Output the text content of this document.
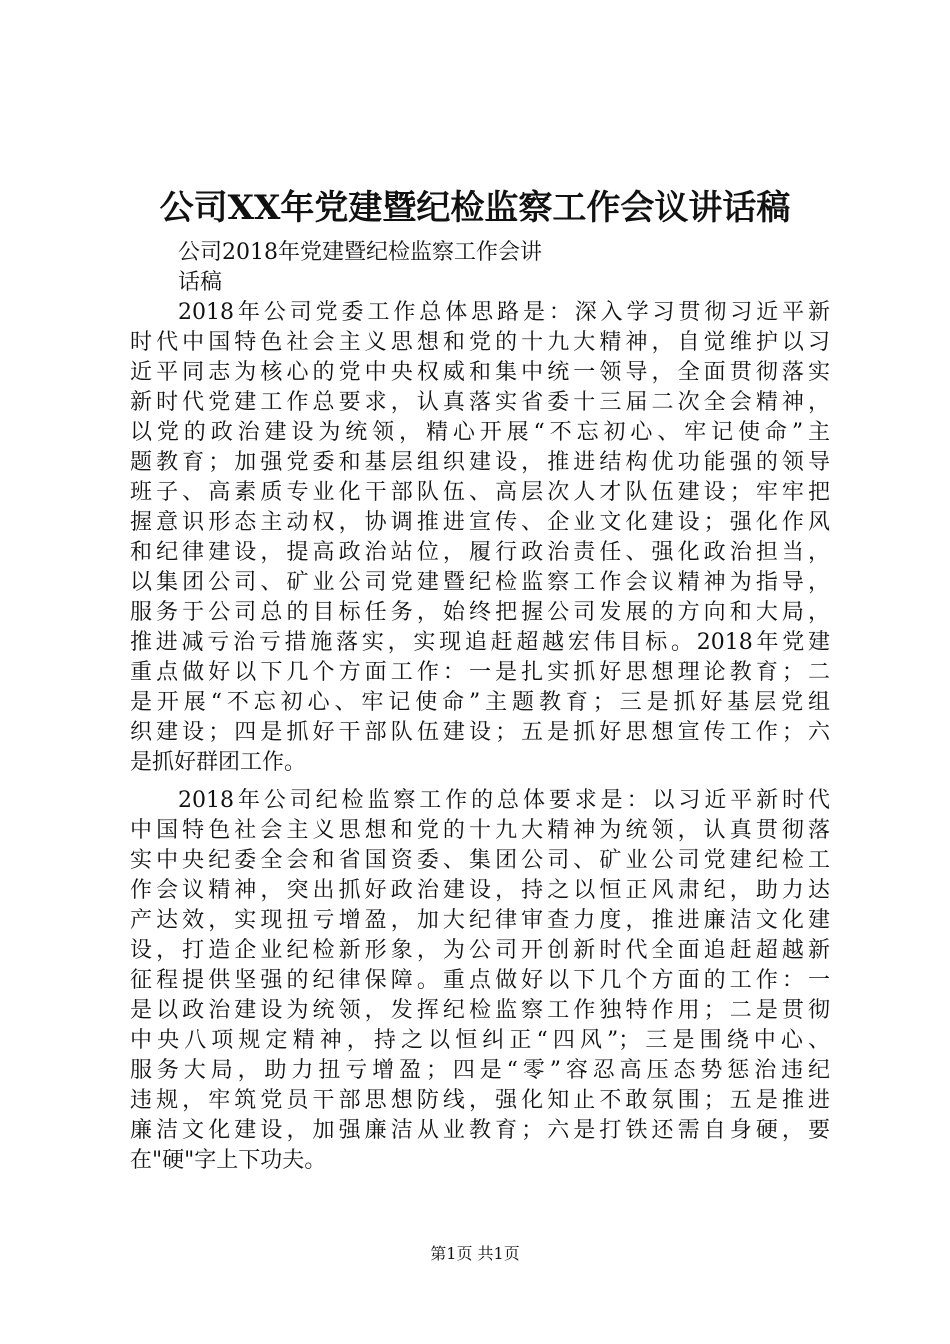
公司XX年党建暨纪检监察工作会议讲话稿
公司2018年党建暨纪检监察工作会讲
话稿
2018年公司党委工作总体思路是：深入学习贯彻习近平新
时代中国特色社会主义思想和党的十九大精神，自觉维护以习
近平同志为核心的党中央权威和集中统一领导，全面贯彻落实
新时代党建工作总要求，认真落实省委十三届二次全会精神，
以党的政治建设为统领，精心开展“不忘初心、牢记使命”主
题教育；加强党委和基层组织建设，推进结构优功能强的领导
班子、高素质专业化干部队伍、高层次人才队伍建设；牢牢把
握意识形态主动权，协调推进宣传、企业文化建设；强化作风
和纪律建设，提高政治站位，履行政治责任、强化政治担当，
以集团公司、矿业公司党建暨纪检监察工作会议精神为指导，
服务于公司总的目标任务，始终把握公司发展的方向和大局，
推进减亏治亏措施落实，实现追赶超越宏伟目标。2018年党建
重点做好以下几个方面工作：一是扎实抓好思想理论教育；二
是开展“不忘初心、牢记使命”主题教育；三是抓好基层党组
织建设；四是抓好干部队伍建设；五是抓好思想宣传工作；六
是抓好群团工作。
2018年公司纪检监察工作的总体要求是：以习近平新时代
中国特色社会主义思想和党的十九大精神为统领，认真贯彻落
实中央纪委全会和省国资委、集团公司、矿业公司党建纪检工
作会议精神，突出抓好政治建设，持之以恒正风肃纪，助力达
产达效，实现扭亏增盈，加大纪律审查力度，推进廉洁文化建
设，打造企业纪检新形象，为公司开创新时代全面追赶超越新
征程提供坚强的纪律保障。重点做好以下几个方面的工作：一
是以政治建设为统领，发挥纪检监察工作独特作用；二是贯彻
中央八项规定精神，持之以恒纠正“四风”；三是围绕中心、
服务大局，助力扭亏增盈；四是“零”容忍高压态势惩治违纪
违规，牢筑党员干部思想防线，强化知止不敢氛围；五是推进
廉洁文化建设，加强廉洁从业教育；六是打铁还需自身硬，要
在"硬"字上下功夫。
第1页 共1页
